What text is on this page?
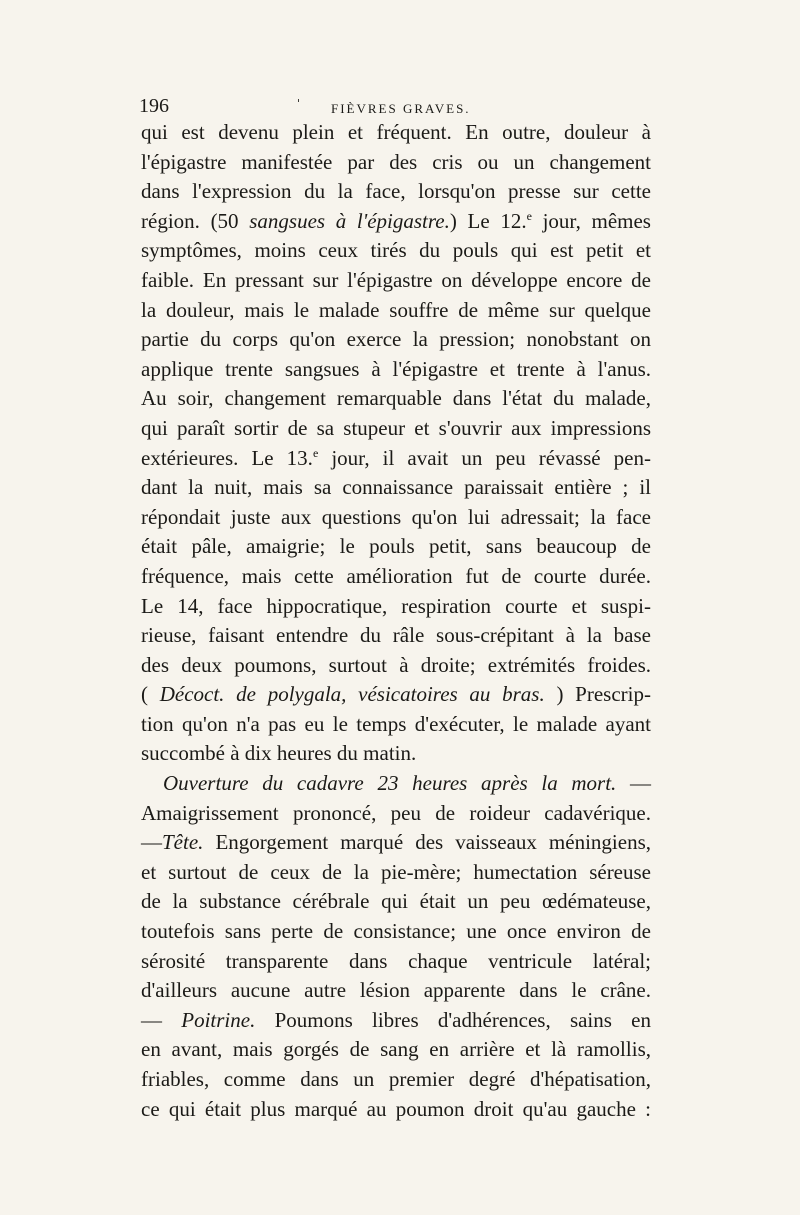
196	' FIÈVRES GRAVES.
qui est devenu plein et fréquent. En outre, douleur à
l'épigastre manifestée par des cris ou un changement
dans l'expression du la face, lorsqu'on presse sur cette
région. (50 sangsues à l'épigastre.) Le 12.$^e$ jour, mêmes
symptômes, moins ceux tirés du pouls qui est petit et
faible. En pressant sur l'épigastre on développe encore de
la douleur, mais le malade souffre de même sur quelque
partie du corps qu'on exerce la pression; nonobstant on
applique trente sangsues à l'épigastre et trente à l'anus.
Au soir, changement remarquable dans l'état du malade,
qui paraît sortir de sa stupeur et s'ouvrir aux impressions
extérieures. Le 13.$^e$ jour, il avait un peu révassé pen-
dant la nuit, mais sa connaissance paraissait entière ; il
répondait juste aux questions qu'on lui adressait; la face
était pâle, amaigrie; le pouls petit, sans beaucoup de
fréquence, mais cette amélioration fut de courte durée.
Le 14, face hippocratique, respiration courte et suspi-
rieuse, faisant entendre du râle sous-crépitant à la base
des deux poumons, surtout à droite; extrémités froides.
( Décoct. de polygala, vésicatoires au bras. ) Prescrip-
tion qu'on n'a pas eu le temps d'exécuter, le malade ayant
succombé à dix heures du matin.
Ouverture du cadavre 23 heures après la mort. —
Amaigrissement prononcé, peu de roideur cadavérique.
—Tête. Engorgement marqué des vaisseaux méningiens,
et surtout de ceux de la pie-mère; humectation séreuse
de la substance cérébrale qui était un peu œdémateuse,
toutefois sans perte de consistance; une once environ de
sérosité transparente dans chaque ventricule latéral;
d'ailleurs aucune autre lésion apparente dans le crâne.
— Poitrine. Poumons libres d'adhérences, sains en
en avant, mais gorgés de sang en arrière et là ramollis,
friables, comme dans un premier degré d'hépatisation,
ce qui était plus marqué au poumon droit qu'au gauche :
